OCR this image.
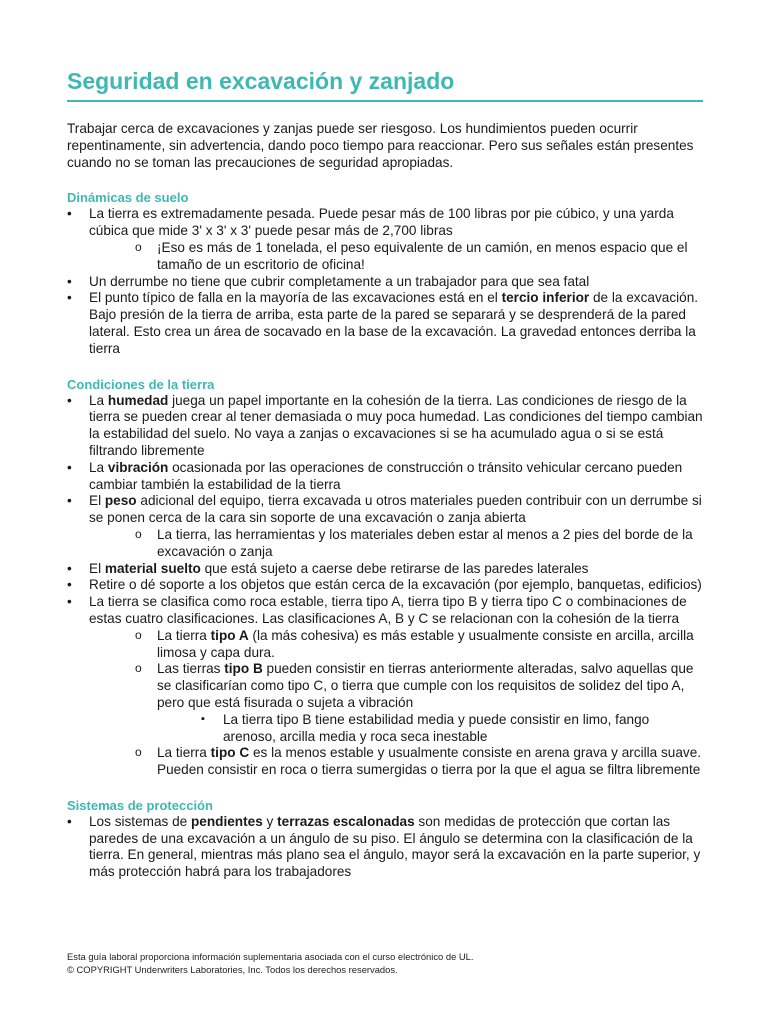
Seguridad en excavación y zanjado

Trabajar cerca de excavaciones y zanjas puede ser riesgoso. Los hundimientos pueden ocurrir repentinamente, sin advertencia, dando poco tiempo para reaccionar. Pero sus señales están presentes cuando no se toman las precauciones de seguridad apropiadas.

Dinámicas de suelo
• La tierra es extremadamente pesada. Puede pesar más de 100 libras por pie cúbico, y una yarda cúbica que mide 3' x 3' x 3' puede pesar más de 2,700 libras
o ¡Eso es más de 1 tonelada, el peso equivalente de un camión, en menos espacio que el tamaño de un escritorio de oficina!
• Un derrumbe no tiene que cubrir completamente a un trabajador para que sea fatal
• El punto típico de falla en la mayoría de las excavaciones está en el tercio inferior de la excavación. Bajo presión de la tierra de arriba, esta parte de la pared se separará y se desprenderá de la pared lateral. Esto crea un área de socavado en la base de la excavación. La gravedad entonces derriba la tierra
Condiciones de la tierra
• La humedad juega un papel importante en la cohesión de la tierra. Las condiciones de riesgo de la tierra se pueden crear al tener demasiada o muy poca humedad. Las condiciones del tiempo cambian la estabilidad del suelo. No vaya a zanjas o excavaciones si se ha acumulado agua o si se está filtrando libremente
• La vibración ocasionada por las operaciones de construcción o tránsito vehicular cercano pueden cambiar también la estabilidad de la tierra
• El peso adicional del equipo, tierra excavada u otros materiales pueden contribuir con un derrumbe si se ponen cerca de la cara sin soporte de una excavación o zanja abierta
o La tierra, las herramientas y los materiales deben estar al menos a 2 pies del borde de la excavación o zanja
• El material suelto que está sujeto a caerse debe retirarse de las paredes laterales
• Retire o dé soporte a los objetos que están cerca de la excavación (por ejemplo, banquetas, edificios)
• La tierra se clasifica como roca estable, tierra tipo A, tierra tipo B y tierra tipo C o combinaciones de estas cuatro clasificaciones. Las clasificaciones A, B y C se relacionan con la cohesión de la tierra
o La tierra tipo A (la más cohesiva) es más estable y usualmente consiste en arcilla, arcilla limosa y capa dura.
o Las tierras tipo B pueden consistir en tierras anteriormente alteradas, salvo aquellas que se clasificarían como tipo C, o tierra que cumple con los requisitos de solidez del tipo A, pero que está fisurada o sujeta a vibración
▪ La tierra tipo B tiene estabilidad media y puede consistir en limo, fango arenoso, arcilla media y roca seca inestable
o La tierra tipo C es la menos estable y usualmente consiste en arena grava y arcilla suave. Pueden consistir en roca o tierra sumergidas o tierra por la que el agua se filtra libremente
Sistemas de protección
• Los sistemas de pendientes y terrazas escalonadas son medidas de protección que cortan las paredes de una excavación a un ángulo de su piso. El ángulo se determina con la clasificación de la tierra. En general, mientras más plano sea el ángulo, mayor será la excavación en la parte superior, y más protección habrá para los trabajadores
Esta guía laboral proporciona información suplementaria asociada con el curso electrónico de UL.
© COPYRIGHT Underwriters Laboratories, Inc. Todos los derechos reservados.
